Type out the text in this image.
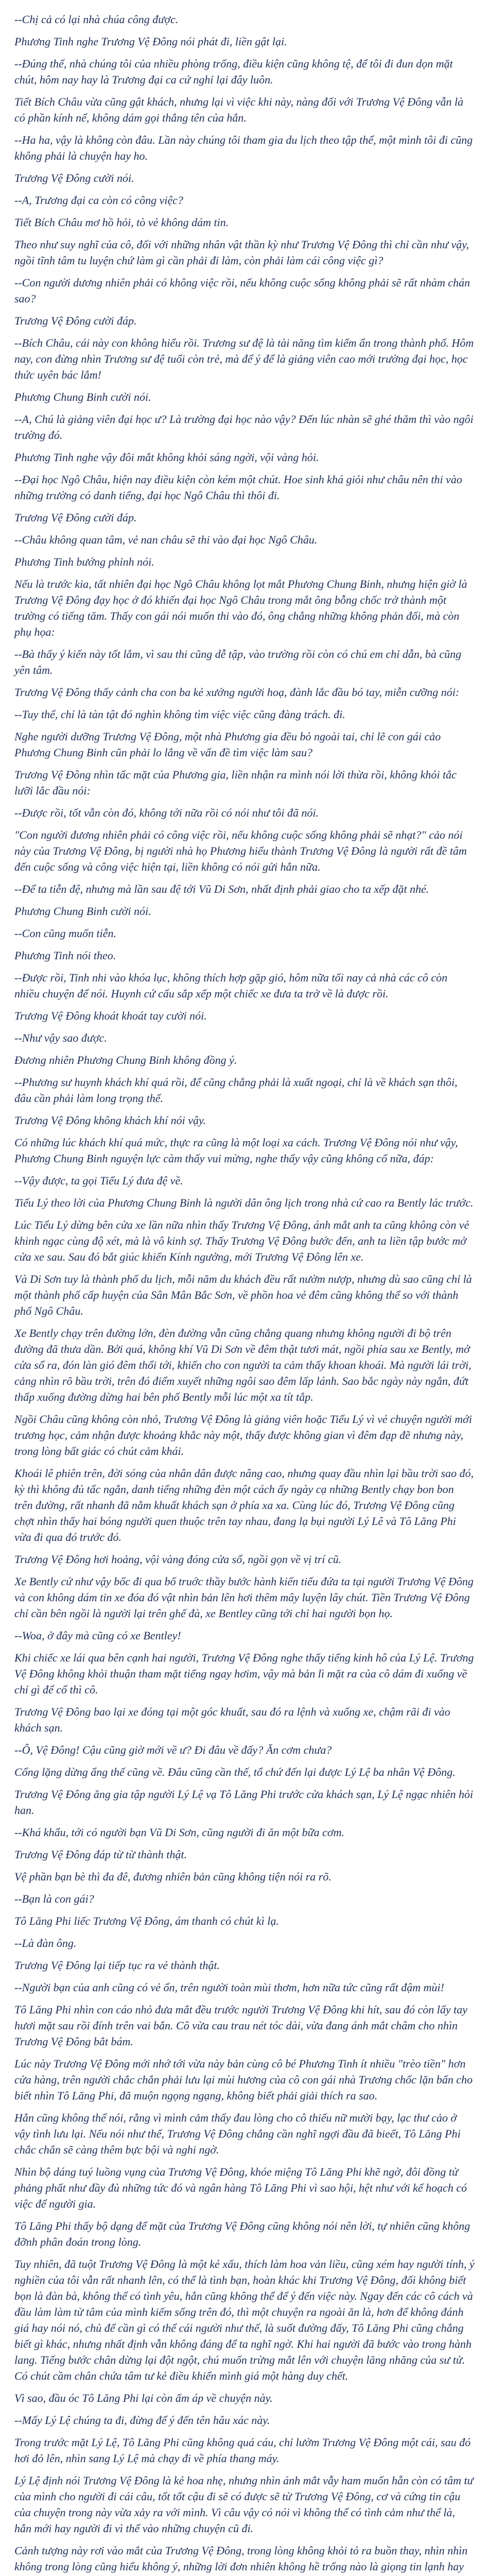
--Chị cả có lại nhà chúa công được.

Phương Tinh nghe Trương Vệ Đông nói phát đi, liền gật lại.

--Đúng thế, nhà chúng tôi của nhiều phòng trống, điều kiện cũng không tệ, để tôi đi đun dọn mặt chút, hôm nay hay là Trương đại ca cứ nghỉ lại đây luôn.

Tiết Bích Châu vừa cũng gật khách, nhưng lại vì việc khi này, nàng đối với Trương Vệ Đông vẫn là có phần kính nể, không dám gọi thẳng tên của hắn.

--Ha ha, vậy là không còn đâu. Lần này chúng tôi tham gia du lịch theo tập thể, một mình tôi đi cũng không phải là chuyện hay ho.

Trương Vệ Đông cười nói.

--A, Trương đại ca còn có công việc?

Tiết Bích Châu mơ hồ hỏi, tò vẻ không dám tin.

Theo như suy nghĩ của cô, đối với những nhân vật thần kỳ như Trương Vệ Đông thì chỉ cần như vậy, ngồi tĩnh tâm tu luyện chứ làm gì cần phải đi làm, còn phải làm cái công việc gì?

--Con người dương nhiên phải có không việc rồi, nếu không cuộc sống không phải sẽ rất nhàm chán sao?

Trương Vệ Đông cười đáp.

--Bích Châu, cái này con không hiểu rồi. Trương sư đệ là tài năng tìm kiếm ẩn trong thành phố. Hôm nay, con đừng nhìn Trương sư đệ tuổi còn trẻ, mà để ý để là giảng viên cao mới trường đại học, học thức uyên bác lắm!

Phương Chung Binh cười nói.

--A, Chú là giảng viên đại học ư? Là trường đại học nào vậy? Đến lúc nhàn sẽ ghé thăm thì vào ngôi trường đó.

Phương Tinh nghe vậy đôi mắt không khỏi sáng ngời, vội vàng hỏi.

--Đại học Ngô Châu, hiện nay điều kiện còn kém một chút. Hoe sinh khá giỏi như châu nên thi vào những trường có danh tiếng, đại học Ngô Châu thì thôi đi.

Trương Vệ Đông cười đáp.

--Châu không quan tâm, vẻ nan châu sẽ thi vào đại học Ngô Châu.

Phương Tinh bướng phỉnh nói.

Nếu là trước kia, tất nhiên đại học Ngô Châu không lọt mắt Phương Chung Binh, nhưng hiện giờ là Trương Vệ Đông đạy học ở đó khiến đại học Ngô Châu trong mắt ông bỗng chốc trở thành một trường có tiếng tăm. Thấy con gái nói muốn thi vào đó, ông chẳng những không phản đối, mà còn phụ họa:

--Bà thấy ý kiến này tốt lắm, vì sau thi cũng dễ tập, vào trường rồi còn có chú em chỉ dẫn, bà cũng yên tâm.

Trương Vệ Đông thấy cảnh cha con ba kẻ xướng người hoạ, đành lắc đầu bó tay, miễn cưỡng nói:

--Tuy thế, chỉ là tàn tật đó nghìn không tìm việc việc cũng đàng trách. đi.

Nghe người dưỡng Trương Vệ Đông, một nhà Phương gia đều bỏ ngoài tai, chỉ lẽ con gái cảo Phương Chung Binh cũn phải lo lắng về vấn đề tìm việc làm sau?

Trương Vệ Đông nhìn tấc mặt của Phương gia, liền nhận ra mình nói lời thừa rồi, không khỏi tắc lưỡi lắc đầu nói:

--Được rồi, tốt vẫn còn đó, không tới nữa rồi có nói như tôi đã nói.

"Con người đương nhiên phải có công việc rồi, nếu không cuộc sống không phải sẽ nhạt?" cảo nói này của Trương Vệ Đông, bị người nhà họ Phương hiểu thành Trương Vệ Đông là người rất đề tâm đến cuộc sống và công việc hiện tại, liền không có nói gửi hẳn nữa.

--Để ta tiễn đệ, nhưng mà lần sau đệ tới Vũ Di Sơn, nhất định phải giao cho ta xếp đặt nhé.

Phương Chung Binh cười nói.

--Con cũng muốn tiễn.

Phương Tinh nói theo.

--Được rồi, Tinh nhi vào khóa lục, không thích hợp gặp gió, hôm nữa tối nay cả nhà các cô còn nhiều chuyện để nói. Huynh cứ cấu sắp xếp một chiếc xe đưa ta trở về là được rồi.

Trương Vệ Đông khoát khoát tay cười nói.

--Như vậy sao được.

Đương nhiên Phương Chung Binh không đồng ý.

--Phương sư huynh khách khí quá rồi, để cũng chẳng phải là xuất ngoại, chỉ là về khách sạn thôi, đâu cần phải làm long trọng thế.

Trương Vệ Đông không khách khí nói vậy.

Có những lúc khách khí quá mức, thực ra cũng là một loại xa cách. Trương Vệ Đông nói như vậy, Phương Chung Binh nguyện lực càm thấy vui mừng, nghe thấy vậy cũng không cố nữa, đáp:

--Vậy được, ta gọi Tiểu Lý đưa đệ về.

Tiểu Lý theo lời của Phương Chung Binh là người dân ông lịch trong nhà cứ cao ra Bently lác trước.

Lúc Tiểu Lý dừng bên cửa xe lần nữa nhìn thấy Trương Vệ Đông, ánh mắt anh ta cũng không còn vẻ khinh ngạc cùng độ xét, mà là vô kinh sợ. Thấy Trương Vệ Đông bước đến, anh ta liền tập bước mở cửa xe sau. Sau đó bắt giúc khiến Kính ngưởng, mới Trương Vệ Đông lên xe.

Và Di Sơn tuy là thành phố du lịch, mỗi năm du khách đều rất nườm nượp, nhưng dù sao cũng chỉ là một thành phố cấp huyện của Sân Mân Bắc Sơn, về phồn hoa vẻ đêm cũng không thể so với thành phố Ngô Châu.

Xe Bently chạy trên đường lớn, đèn đường vẫn cũng chẳng quang nhưng không người đi bộ trên đường đã thưa dần. Bởi quá, không khí Vũ Di Sơn về đêm thật tươi mát, ngồi phía sau xe Bently, mở cửa sổ ra, đón làn gió đêm thổi tới, khiến cho con người ta cảm thấy khoan khoái. Mà người lái trời, cảng nhìn rõ bầu trời, trên đó điểm xuyết những ngôi sao đêm lấp lánh. Sao bắc ngày này ngắn, đứt thấp xuống đường dừng hai bên phố Bently mỗi lúc một xa tít tắp.

Ngồi Châu cũng không còn nhỏ, Trương Vệ Đông là giảng viên hoặc Tiểu Lý vì vẻ chuyện người mới trương học, cảm nhận được khoảng khắc này một, thấy được không gian vì đêm đạp đẽ nhưng này, trong lòng bất giác có chút cảm khái.

Khoái lê phiên trên, đời sóng của nhân dân được nâng cao, nhưng quay đầu nhìn lại bầu trời sao đó, kỳ thì không đủ tấc ngắn, danh tiếng những đèn một cách ấy ngày cạ những Bently chạy bon bon trên đường, rất nhanh đã nằm khuất khách sạn ở phía xa xa. Cùng lúc đó, Trương Vệ Đông cũng chợt nhìn thấy hai bóng người quen thuộc trên tay nhau, đang lạ bụi người Lý Lê và Tô Lăng Phi vừa đi qua đó trước đó.

Trương Vệ Đông hơi hoảng, vội vàng đóng cửa sổ, ngồi gọn về vị trí cũ.

Xe Bently cứ như vậy bốc đi qua bố truớc thầy bước hành kiến tiếu đứa ta tại người Trương Vệ Đông và con không dám tin xe đóa đó vật nhìn bản lên hơi thêm mây luyện lây chút. Tiền Trương Vệ Đông chỉ cần bên ngồi là người lại trên ghế đà, xe Bentley cũng tới chỉ hai người bọn họ.

--Woa, ở đây mà cũng có xe Bentley!

Khi chiếc xe lái qua bên cạnh hai người, Trương Vệ Đông nghe thấy tiếng kinh hô của Lý Lệ. Trương Vệ Đông không khỏi thuận tham mặt tiếng ngay hơim, vậy mà bản lì mặt ra của cô dám đi xuống về chỉ gì để cổ thì cô.

Trương Vệ Đông bao lại xe đóng tại một góc khuất, sau đó ra lệnh và xuống xe, chậm rãi đi vào khách sạn.

--Ô, Vệ Đông! Cậu cũng giờ mới về ư? Đi đâu về đấy? Ăn cơm chưa?

Cổng lặng dừng ẩng thế cũng về. Đâu cũng cần thế, tổ chứ đến lại được Lý Lệ ba nhân Vệ Đông.

Trương Vệ Đông ăng gia tập người Lý Lệ vạ Tô Lăng Phi trước cửa khách sạn, Lý Lệ ngạc nhiên hỏi han.

--Khá khẩu, tới có người bạn Vũ Di Sơn, cũng người đi ăn một bữa cơm.

Trương Vệ Đông đáp từ từ thành thật.

Vệ phần bạn bè thì đa đê, đương nhiên bản cũng không tiện nói ra rõ.

--Bạn là con gái?

Tô Lăng Phi liếc Trương Vệ Đông, ám thanh có chút kì lạ.

--Là đàn ông.

Trương Vệ Đông lại tiếp tục ra vẻ thành thật.

--Người bạn của anh cũng có vẻ ổn, trên người toàn mùi thơm, hơn nữa tức cũng rất đậm mùi!

Tô Lăng Phi nhìn con cáo nhỏ đưa mắt đều trước người Trương Vệ Đông khi hít, sau đó còn lấy tay hươi mặt sau rồi đính trên vai bắn. Cô vừa cau trau nét tóc dài, vừa đang ánh mắt châm cho nhìn Trương Vệ Đông bắt bám.

Lúc này Trương Vệ Đông mới nhớ tới vừa này bản cùng cô bé Phương Tinh ít nhiều "trèo tiền" hơn cửa hàng, trên người chắc chắn phải lưu lại mùi hương của cô con gái nhà Trương chốc lặn bấn cho biết nhìn Tô Lăng Phi, đã muộn ngọng ngạng, không biết phải giải thích ra sao.

Hẳn cũng không thể nói, rằng vì mình cảm thấy đau lòng cho cô thiếu nữ mười bạy, lạc thư cảo ở vậy tình lưu lại. Nếu nói như thế, Trương Vệ Đông chẳng cần nghĩ ngợi đầu đã bieết, Tô Lăng Phi chắc chắn sẽ càng thêm bực bội và nghi ngờ.

Nhìn bộ dáng tuý luồng vụng của Trương Vệ Đông, khóe miệng Tô Lăng Phi khẽ ngờ, đôi đồng tử phảng phất như đầy đủ những tức đó và ngân hàng Tô Lăng Phi vì sao hội, hệt như với kế hoạch có việc để người gia.

Tô Lăng Phi thấy bộ dạng để mặt của Trương Vệ Đông cũng không nói nên lời, tự nhiên cũng không đỡnh phân đoán trong lòng.

Tuy nhiên, đã tuột Trương Vệ Đông là một kẻ xấu, thích làm hoa vản liều, cũng xém hay người tính, ý nghiền của tôi vẫn rất nhanh lên, có thể là tình bạn, hoàn khác khi Trương Vệ Đông, đối không biết bọn là đàn bà, không thể có tình yêu, hẳn cũng không thể để ý đến việc này. Ngay đến các cô cách và đầu làm làm từ tâm của mình kiếm sống trên đó, thì một chuyện ra ngoài ăn là, hơn để không đánh giá hay nói nó, chủ để cần gì có thể cái người như thế, là suốt đường đấy, Tô Lăng Phi cũng chẳng biết gì khác, nhưng nhất định vẫn không đáng để ta nghĩ ngờ. Khi hai người đã bước vào trong hành lang. Tiếng bước chân dừng lại đột ngột, chú muốn trừng mắt lên với chuyện lăng nhăng của sư tử. Có chút cầm chân chứa tâm tư kẻ điều khiển mình giá một hàng duy chết.

Vì sao, đầu óc Tô Lăng Phi lại còn ấm áp về chuyện này.

--Mấy Lý Lệ chúng ta đi, đừng để ý đến tên hâu xác này.

Trong trước mặt Lý Lệ, Tô Lăng Phi cũng không quá cáu, chỉ lườm Trương Vệ Đông một cái, sau đó hơi đỏ lên, nhìn sang Lý Lệ mà chạy đi về phía thang máy.

Lý Lệ định nói Trương Vệ Đông là kẻ hoa nhẹ, nhưng nhìn ánh mắt vẫy ham muốn hẵn còn có tâm tư của mình cho người đi cái câu, tốt tốt cậu đi sẽ có được sẽ từ Trương Vệ Đông, cơ và cứng tin cậu của chuyện trong này vừa xảy ra với mình. Vì câu vậy có nói vì không thể có tình cảm như thể là, hẳn mới hay người đi vì thế vào những chuyện cũ đi.

Cảnh tượng này rơi vào mắt của Trương Vệ Đông, trong lòng không khỏi tỏ ra buồn thay, nhìn nhìn không trong lòng cũng hiểu không ý, những lời đơn nhiên không hề trống nào là giọng tin lạnh hay
